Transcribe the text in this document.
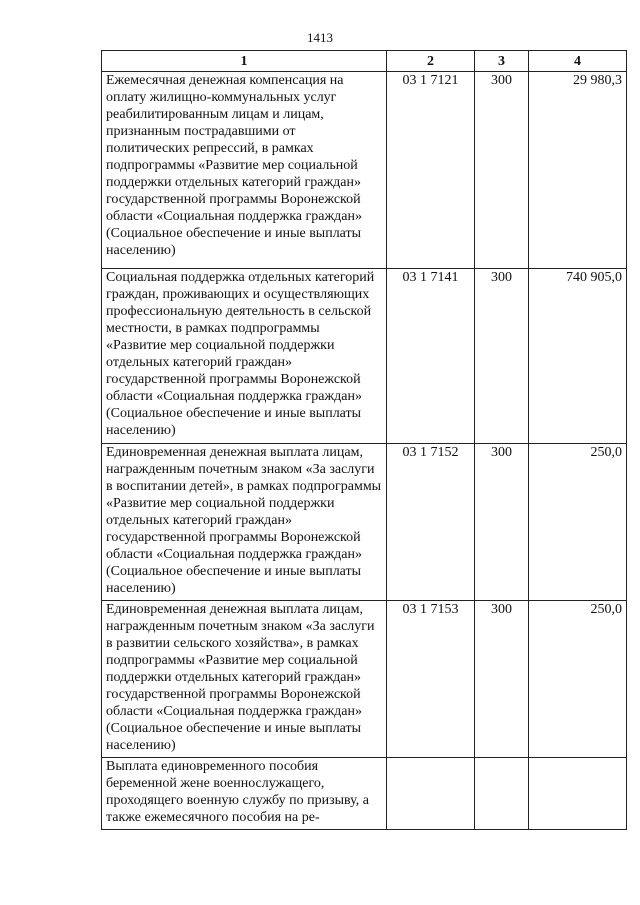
1413
1	2	3	4
Ежемесячная денежная компенсация на оплату жилищно-коммунальных услуг реабилитированным лицам и лицам, признанным пострадавшими от политических репрессий, в рамках подпрограммы «Развитие мер социальной поддержки отдельных категорий граждан» государственной программы Воронежской области «Социальная поддержка граждан» (Социальное обеспечение и иные выплаты населению)	03 1 7121	300	29 980,3
Социальная поддержка отдельных категорий граждан, проживающих и осуществляющих профессиональную деятельность в сельской местности, в рамках подпрограммы «Развитие мер социальной поддержки отдельных категорий граждан» государственной программы Воронежской области «Социальная поддержка граждан» (Социальное обеспечение и иные выплаты населению)	03 1 7141	300	740 905,0
Единовременная денежная выплата лицам, награжденным почетным знаком «За заслуги в воспитании детей», в рамках подпрограммы «Развитие мер социальной поддержки отдельных категорий граждан» государственной программы Воронежской области «Социальная поддержка граждан» (Социальное обеспечение и иные выплаты населению)	03 1 7152	300	250,0
Единовременная денежная выплата лицам, награжденным почетным знаком «За заслуги в развитии сельского хозяйства», в рамках подпрограммы «Развитие мер социальной поддержки отдельных категорий граждан» государственной программы Воронежской области «Социальная поддержка граждан» (Социальное обеспечение и иные выплаты населению)	03 1 7153	300	250,0
Выплата единовременного пособия беременной жене военнослужащего, проходящего военную службу по призыву, а также ежемесячного пособия на ре-			
